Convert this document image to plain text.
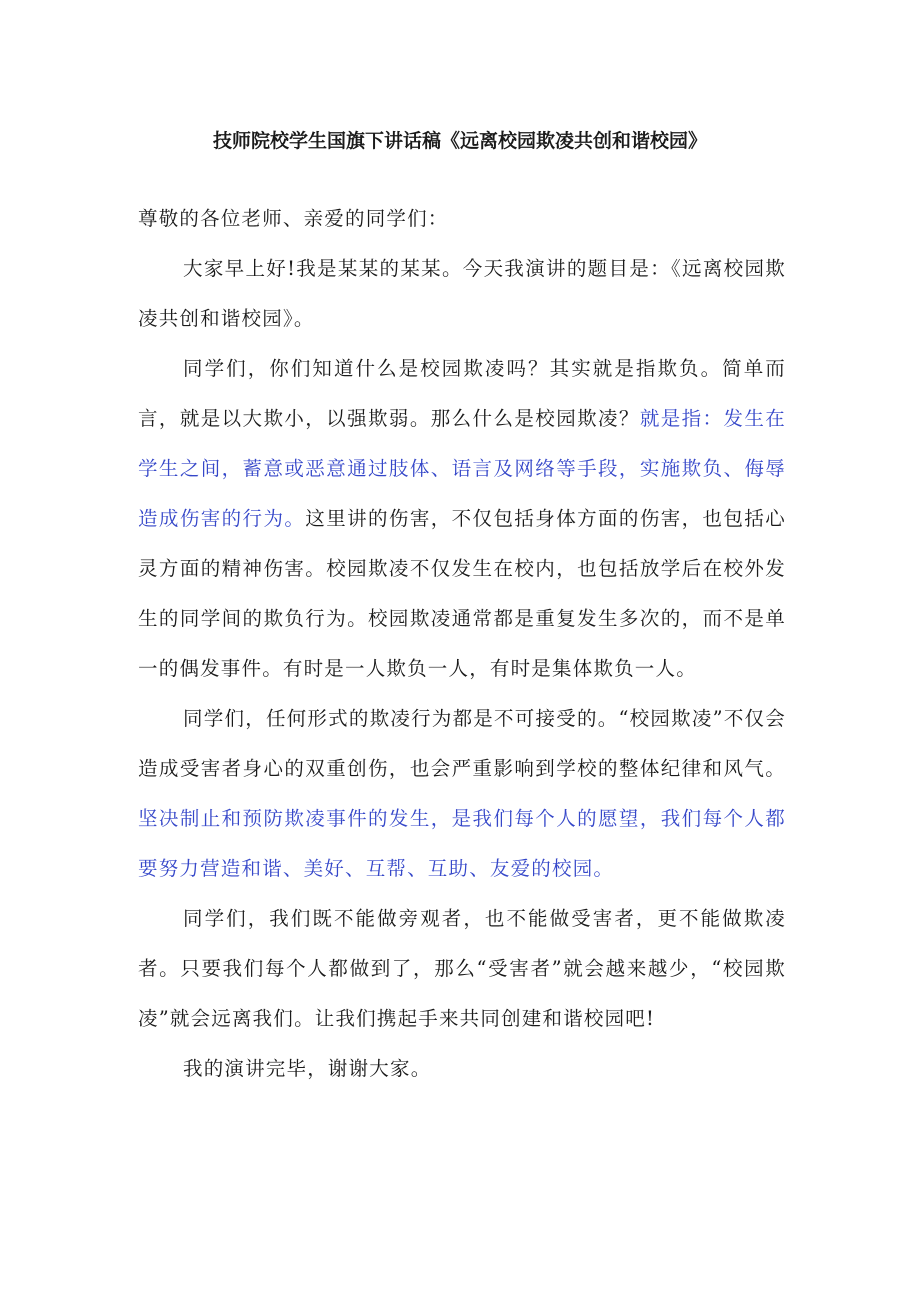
技师院校学生国旗下讲话稿《远离校园欺凌共创和谐校园》

尊敬的各位老师、亲爱的同学们：

大家早上好!我是某某的某某。今天我演讲的题目是：《远离校园欺凌共创和谐校园》。

同学们，你们知道什么是校园欺凌吗？其实就是指欺负。简单而言，就是以大欺小，以强欺弱。那么什么是校园欺凌？就是指：发生在学生之间，蓄意或恶意通过肢体、语言及网络等手段，实施欺负、侮辱造成伤害的行为。这里讲的伤害，不仅包括身体方面的伤害，也包括心灵方面的精神伤害。校园欺凌不仅发生在校内，也包括放学后在校外发生的同学间的欺负行为。校园欺凌通常都是重复发生多次的，而不是单一的偶发事件。有时是一人欺负一人，有时是集体欺负一人。

同学们，任何形式的欺凌行为都是不可接受的。“校园欺凌”不仅会造成受害者身心的双重创伤，也会严重影响到学校的整体纪律和风气。坚决制止和预防欺凌事件的发生，是我们每个人的愿望，我们每个人都要努力营造和谐、美好、互帮、互助、友爱的校园。

同学们，我们既不能做旁观者，也不能做受害者，更不能做欺凌者。只要我们每个人都做到了，那么“受害者”就会越来越少，“校园欺凌”就会远离我们。让我们携起手来共同创建和谐校园吧!

我的演讲完毕，谢谢大家。
